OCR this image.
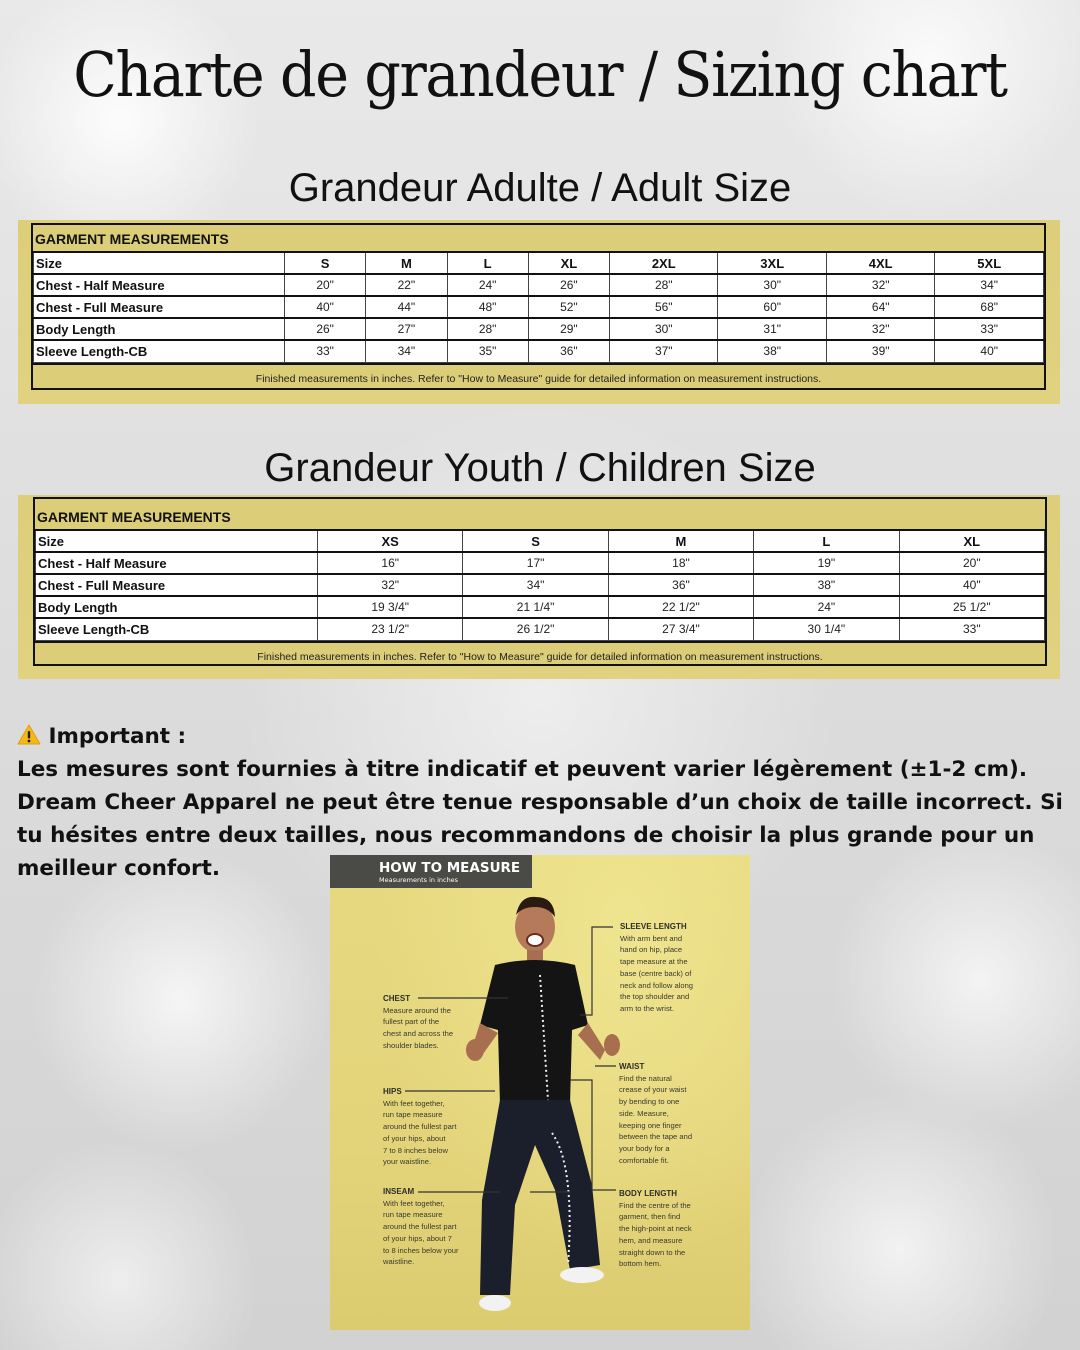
Charte de grandeur / Sizing chart
Grandeur Adulte / Adult Size
GARMENT MEASUREMENTS
Size	S	M	L	XL	2XL	3XL	4XL	5XL
Chest - Half Measure	20"	22"	24"	26"	28"	30"	32"	34"
Chest - Full Measure	40"	44"	48"	52"	56"	60"	64"	68"
Body Length	26"	27"	28"	29"	30"	31"	32"	33"
Sleeve Length-CB	33"	34"	35"	36"	37"	38"	39"	40"
Finished measurements in inches. Refer to "How to Measure" guide for detailed information on measurement instructions.
Grandeur Youth / Children Size
GARMENT MEASUREMENTS
Size	XS	S	M	L	XL
Chest - Half Measure	16"	17"	18"	19"	20"
Chest - Full Measure	32"	34"	36"	38"	40"
Body Length	19 3/4"	21 1/4"	22 1/2"	24"	25 1/2"
Sleeve Length-CB	23 1/2"	26 1/2"	27 3/4"	30 1/4"	33"
Finished measurements in inches. Refer to "How to Measure" guide for detailed information on measurement instructions.
Important :
Les mesures sont fournies à titre indicatif et peuvent varier légèrement (±1-2 cm). Dream Cheer Apparel ne peut être tenue responsable d’un choix de taille incorrect. Si tu hésites entre deux tailles, nous recommandons de choisir la plus grande pour un meilleur confort.	HOW TO MEASURE
Measurements in inches
SLEEVE LENGTH
With arm bent and
hand on hip, place
tape measure at the
base (centre back) of
neck and follow along
the top shoulder and
arm to the wrist.
CHEST
Measure around the
fullest part of the
chest and across the
shoulder blades.
WAIST
Find the natural
crease of your waist
by bending to one
side. Measure,
keeping one finger
between the tape and
your body for a
comfortable fit.
HIPS
With feet together,
run tape measure
around the fullest part
of your hips, about
7 to 8 inches below
your waistline.
INSEAM
With feet together,
run tape measure
around the fullest part
of your hips, about 7
to 8 inches below your
waistline.
BODY LENGTH
Find the centre of the
garment, then find
the high-point at neck
hem, and measure
straight down to the
bottom hem.
